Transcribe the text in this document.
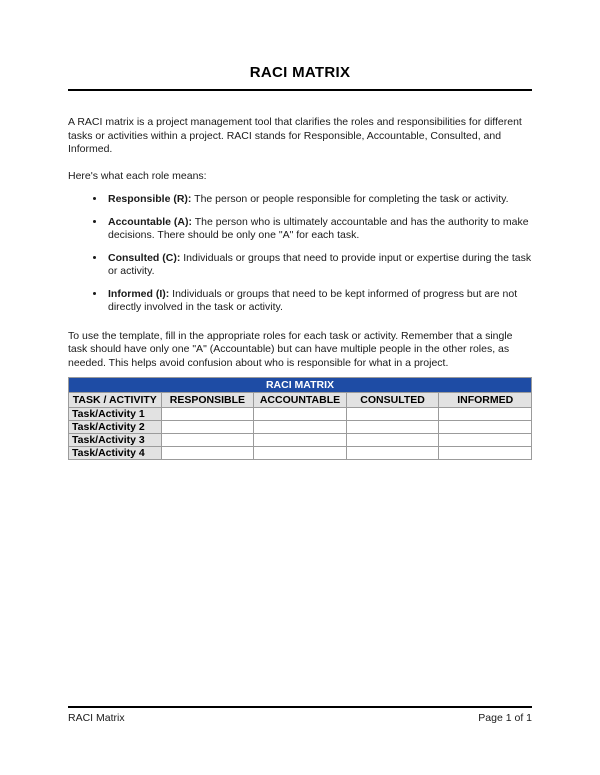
RACI MATRIX

A RACI matrix is a project management tool that clarifies the roles and responsibilities for different tasks or activities within a project. RACI stands for Responsible, Accountable, Consulted, and Informed.

Here's what each role means:

• Responsible (R): The person or people responsible for completing the task or activity.
• Accountable (A): The person who is ultimately accountable and has the authority to make decisions. There should be only one "A" for each task.
• Consulted (C): Individuals or groups that need to provide input or expertise during the task or activity.
• Informed (I): Individuals or groups that need to be kept informed of progress but are not directly involved in the task or activity.

To use the template, fill in the appropriate roles for each task or activity. Remember that a single task should have only one "A" (Accountable) but can have multiple people in the other roles, as needed. This helps avoid confusion about who is responsible for what in a project.

RACI MATRIX				
TASK / ACTIVITY	RESPONSIBLE	ACCOUNTABLE	CONSULTED	INFORMED
Task/Activity 1				
Task/Activity 2				
Task/Activity 3				
Task/Activity 4				
RACI Matrix	Page 1 of 1
